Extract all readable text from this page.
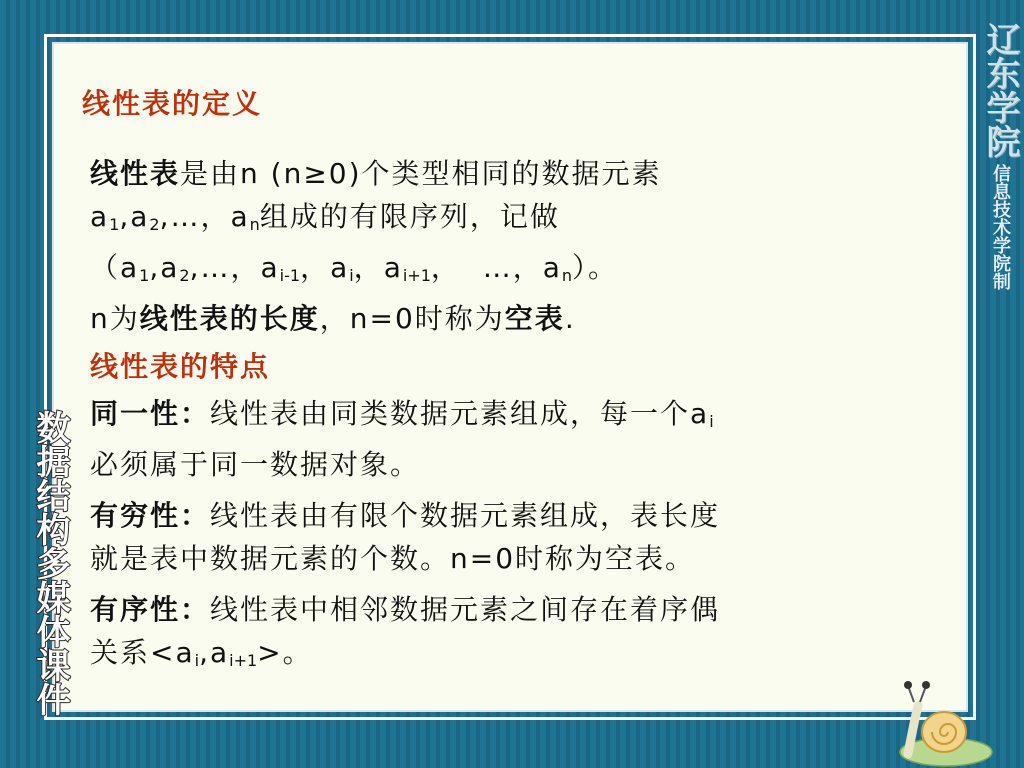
辽东学院
信息技术学院制
数据结构多媒体课件
线性表的定义
线性表是由n (n≥0)个类型相同的数据元素
$a_1,a_2,\dots$，$a_n$组成的有限序列，记做
（$a_1,a_2,\dots$，$a_{i-1}$，$a_i$，$a_{i+1}$，  …，$a_n$）。
n为线性表的长度，n=0时称为空表.
线性表的特点
同一性：线性表由同类数据元素组成，每一个$a_i$
必须属于同一数据对象。
有穷性：线性表由有限个数据元素组成，表长度
就是表中数据元素的个数。n=0时称为空表。
有序性：线性表中相邻数据元素之间存在着序偶
关系$<a_i,a_{i+1}>$。
